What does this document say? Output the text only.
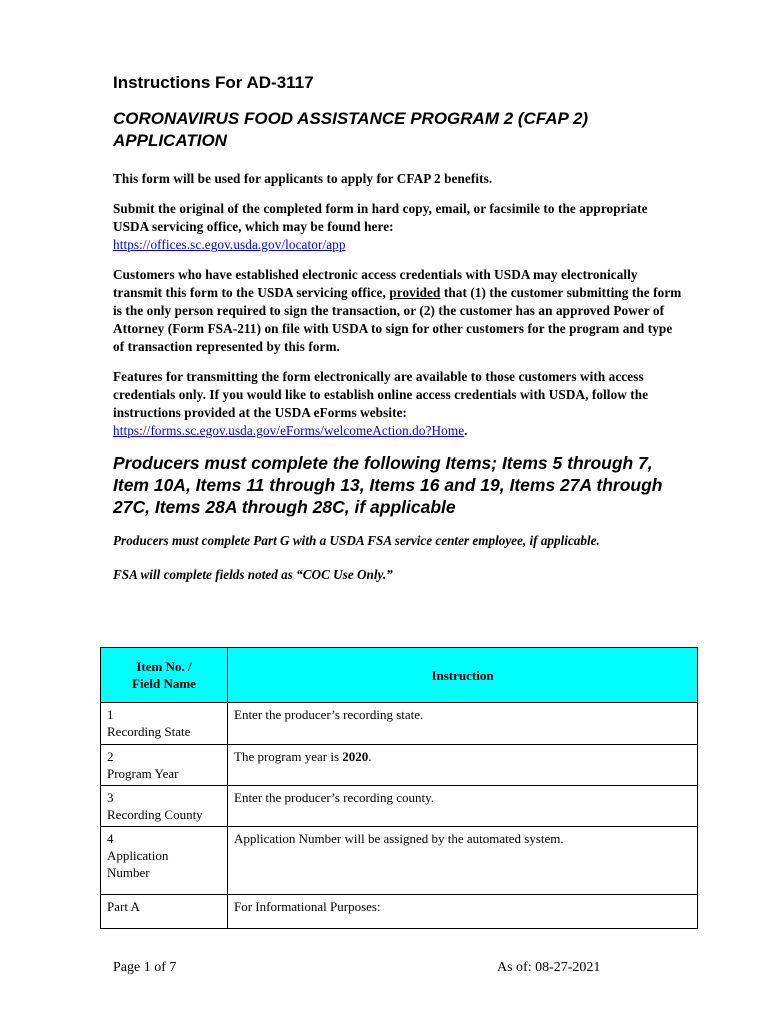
Instructions For AD-3117
CORONAVIRUS FOOD ASSISTANCE PROGRAM 2 (CFAP 2)
APPLICATION

This form will be used for applicants to apply for CFAP 2 benefits.

Submit the original of the completed form in hard copy, email, or facsimile to the appropriate USDA servicing office, which may be found here:
https://offices.sc.egov.usda.gov/locator/app

Customers who have established electronic access credentials with USDA may electronically transmit this form to the USDA servicing office, provided that (1) the customer submitting the form is the only person required to sign the transaction, or (2) the customer has an approved Power of Attorney (Form FSA-211) on file with USDA to sign for other customers for the program and type of transaction represented by this form.

Features for transmitting the form electronically are available to those customers with access credentials only. If you would like to establish online access credentials with USDA, follow the instructions provided at the USDA eForms website:
https://forms.sc.egov.usda.gov/eForms/welcomeAction.do?Home.

Producers must complete the following Items; Items 5 through 7, Item 10A, Items 11 through 13, Items 16 and 19, Items 27A through 27C, Items 28A through 28C, if applicable

Producers must complete Part G with a USDA FSA service center employee, if applicable.

FSA will complete fields noted as “COC Use Only.”

Item No. /
Field Name	Instruction
1
Recording State	Enter the producer’s recording state.
2
Program Year	The program year is 2020.
3
Recording County	Enter the producer’s recording county.
4
Application Number	Application Number will be assigned by the automated system.
Part A	For Informational Purposes:
Page 1 of 7	As of: 08-27-2021
